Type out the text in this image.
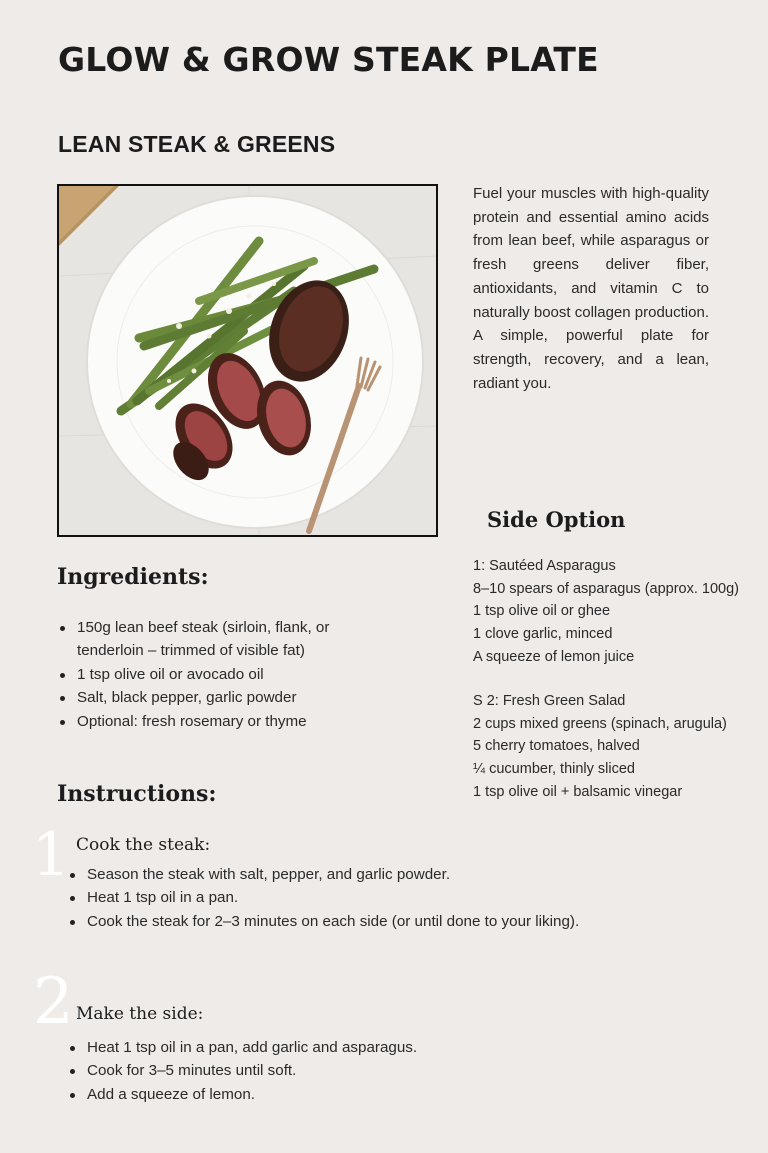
GLOW & GROW STEAK PLATE
LEAN STEAK & GREENS

Fuel your muscles with high-quality protein and essential amino acids from lean beef, while asparagus or fresh greens deliver fiber, antioxidants, and vitamin C to naturally boost collagen production. A simple, powerful plate for strength, recovery, and a lean, radiant you.

Side Option
1: Sautéed Asparagus
8–10 spears of asparagus (approx. 100g)
1 tsp olive oil or ghee
1 clove garlic, minced
A squeeze of lemon juice
S 2: Fresh Green Salad
2 cups mixed greens (spinach, arugula)
5 cherry tomatoes, halved
¼ cucumber, thinly sliced
1 tsp olive oil + balsamic vinegar
Ingredients:
150g lean beef steak (sirloin, flank, or tenderloin – trimmed of visible fat)
1 tsp olive oil or avocado oil
Salt, black pepper, garlic powder
Optional: fresh rosemary or thyme
Instructions:
1 Cook the steak:
Season the steak with salt, pepper, and garlic powder.
Heat 1 tsp oil in a pan.
Cook the steak for 2–3 minutes on each side (or until done to your liking).
2 Make the side:
Heat 1 tsp oil in a pan, add garlic and asparagus.
Cook for 3–5 minutes until soft.
Add a squeeze of lemon.
